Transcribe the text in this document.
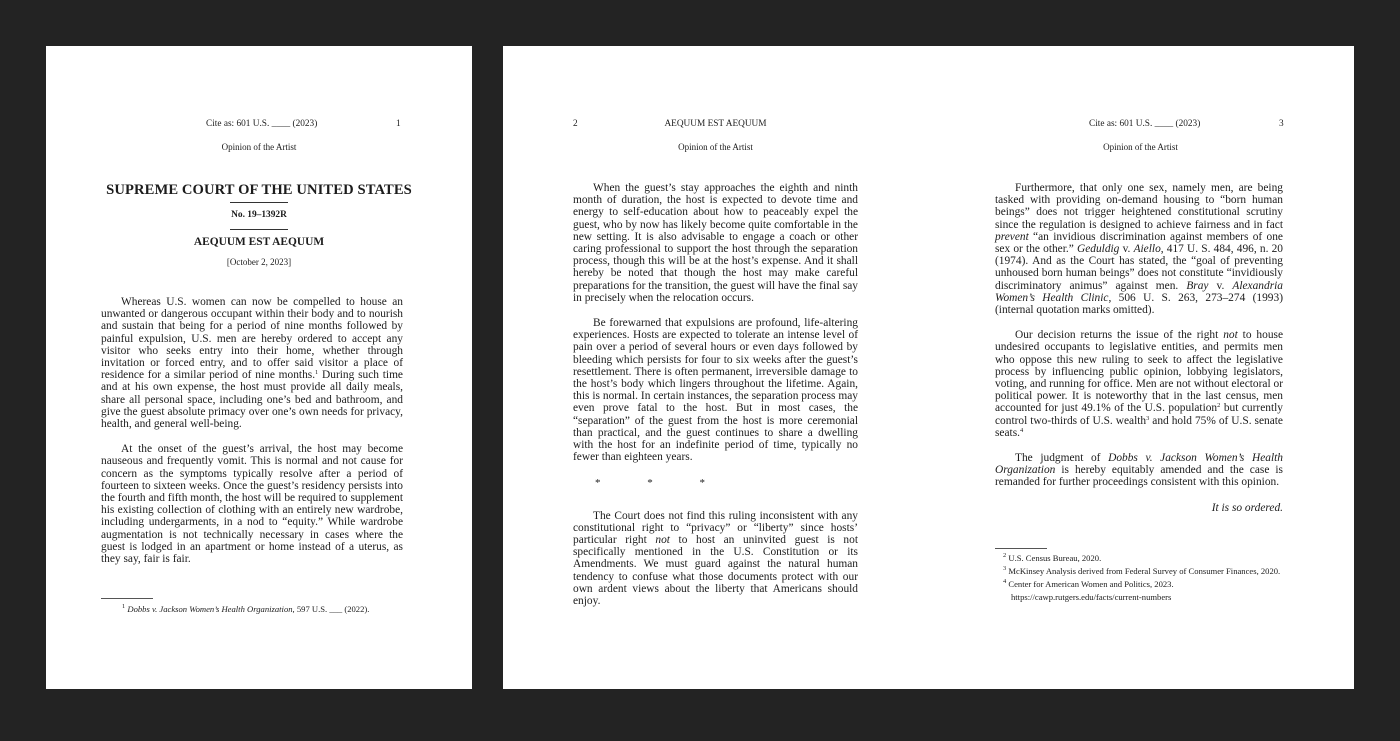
Cite as: 601 U.S. ____ (2023)	1
Opinion of the Artist
SUPREME COURT OF THE UNITED STATES
No. 19–1392R
AEQUUM EST AEQUUM
[October 2, 2023]

Whereas U.S. women can now be compelled to house an unwanted or dangerous occupant within their body and to nourish and sustain that being for a period of nine months followed by painful expulsion, U.S. men are hereby ordered to accept any visitor who seeks entry into their home, whether through invitation or forced entry, and to offer said visitor a place of residence for a similar period of nine months.$^1$ During such time and at his own expense, the host must provide all daily meals, share all personal space, including one’s bed and bathroom, and give the guest absolute primacy over one’s own needs for privacy, health, and general well-being.

At the onset of the guest’s arrival, the host may become nauseous and frequently vomit. This is normal and not cause for concern as the symptoms typically resolve after a period of fourteen to sixteen weeks. Once the guest’s residency persists into the fourth and fifth month, the host will be required to supplement his existing collection of clothing with an entirely new wardrobe, including undergarments, in a nod to “equity.” While wardrobe augmentation is not technically necessary in cases where the guest is lodged in an apartment or home instead of a uterus, as they say, fair is fair.

$^1$ Dobbs v. Jackson Women’s Health Organization, 597 U.S. ___ (2022).
2	AEQUUM EST AEQUUM
Opinion of the Artist

When the guest’s stay approaches the eighth and ninth month of duration, the host is expected to devote time and energy to self-education about how to peaceably expel the guest, who by now has likely become quite comfortable in the new setting. It is also advisable to engage a coach or other caring professional to support the host through the separation process, though this will be at the host’s expense. And it shall hereby be noted that though the host may make careful preparations for the transition, the guest will have the final say in precisely when the relocation occurs.

Be forewarned that expulsions are profound, life-altering experiences. Hosts are expected to tolerate an intense level of pain over a period of several hours or even days followed by bleeding which persists for four to six weeks after the guest’s resettlement. There is often permanent, irreversible damage to the host’s body which lingers throughout the lifetime. Again, this is normal. In certain instances, the separation process may even prove fatal to the host. But in most cases, the “separation” of the guest from the host is more ceremonial than practical, and the guest continues to share a dwelling with the host for an indefinite period of time, typically no fewer than eighteen years.

* * *

The Court does not find this ruling inconsistent with any constitutional right to “privacy” or “liberty” since hosts’ particular right not to host an uninvited guest is not specifically mentioned in the U.S. Constitution or its Amendments. We must guard against the natural human tendency to confuse what those documents protect with our own ardent views about the liberty that Americans should enjoy.

Cite as: 601 U.S. ____ (2023)	3
Opinion of the Artist

Furthermore, that only one sex, namely men, are being tasked with providing on-demand housing to “born human beings” does not trigger heightened constitutional scrutiny since the regulation is designed to achieve fairness and in fact prevent “an invidious discrimination against members of one sex or the other.” Geduldig v. Aiello, 417 U. S. 484, 496, n. 20 (1974). And as the Court has stated, the “goal of preventing unhoused born human beings” does not constitute “invidiously discriminatory animus” against men. Bray v. Alexandria Women’s Health Clinic, 506 U. S. 263, 273–274 (1993) (internal quotation marks omitted).

Our decision returns the issue of the right not to house undesired occupants to legislative entities, and permits men who oppose this new ruling to seek to affect the legislative process by influencing public opinion, lobbying legislators, voting, and running for office. Men are not without electoral or political power. It is noteworthy that in the last census, men accounted for just 49.1% of the U.S. population$^2$ but currently control two-thirds of U.S. wealth$^3$ and hold 75% of U.S. senate seats.$^4$

The judgment of Dobbs v. Jackson Women’s Health Organization is hereby equitably amended and the case is remanded for further proceedings consistent with this opinion.

It is so ordered.

$^2$ U.S. Census Bureau, 2020.
$^3$ McKinsey Analysis derived from Federal Survey of Consumer Finances, 2020.
$^4$ Center for American Women and Politics, 2023. https://cawp.rutgers.edu/facts/current-numbers
